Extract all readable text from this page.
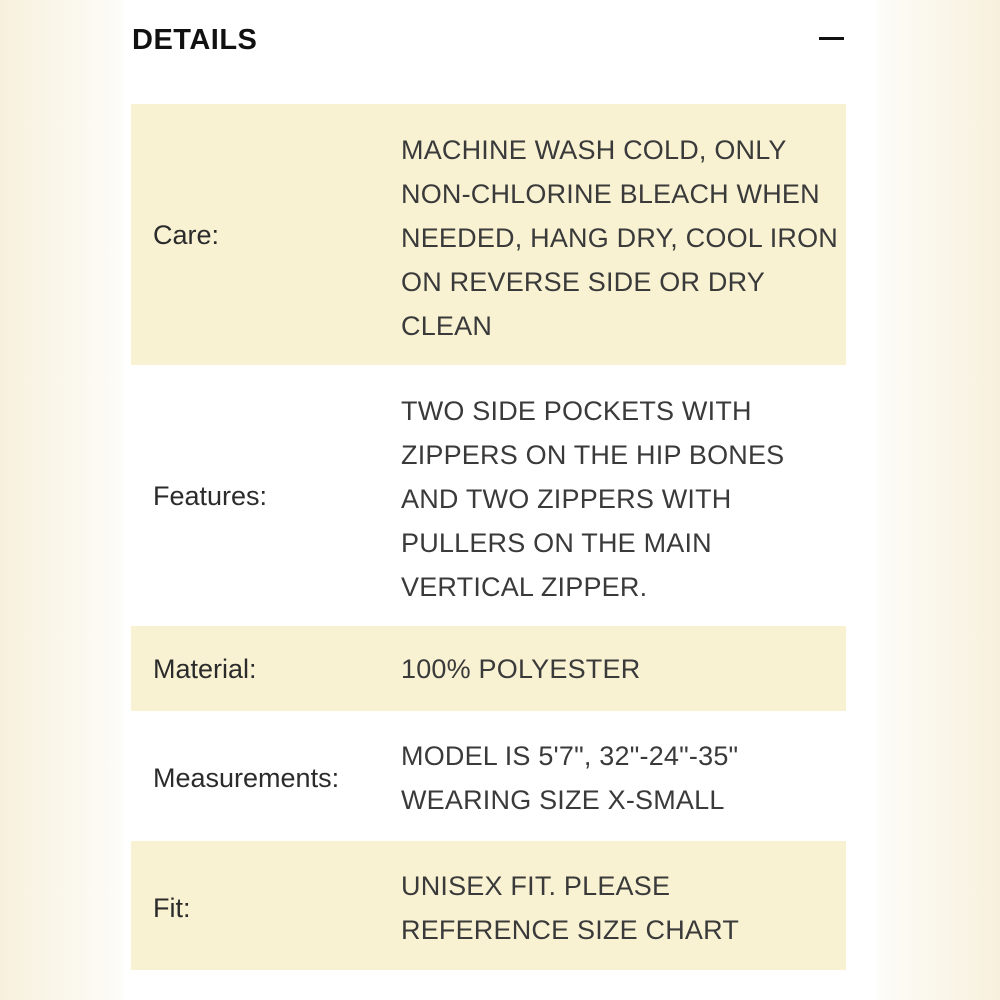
DETAILS
Care:
MACHINE WASH COLD, ONLY NON-CHLORINE BLEACH WHEN NEEDED, HANG DRY, COOL IRON ON REVERSE SIDE OR DRY CLEAN
Features:
TWO SIDE POCKETS WITH ZIPPERS ON THE HIP BONES AND TWO ZIPPERS WITH PULLERS ON THE MAIN VERTICAL ZIPPER.
Material:	100% POLYESTER
Measurements:
MODEL IS 5'7", 32"-24"-35" WEARING SIZE X-SMALL
Fit:
UNISEX FIT. PLEASE REFERENCE SIZE CHART
